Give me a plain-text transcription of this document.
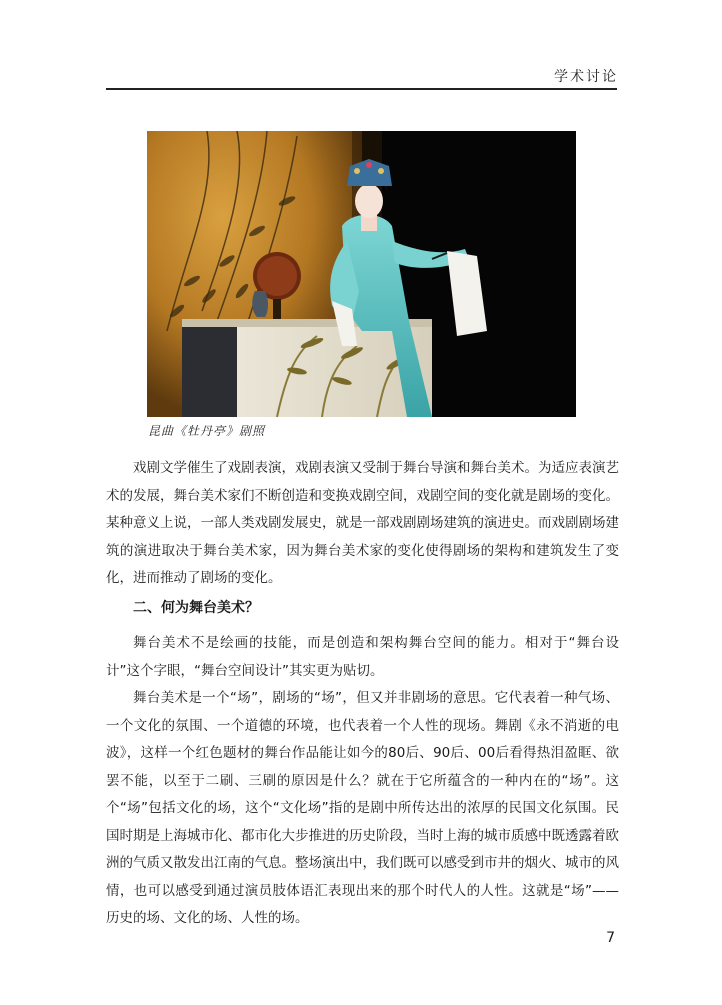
学术讨论
昆曲《牡丹亭》剧照

戏剧文学催生了戏剧表演，戏剧表演又受制于舞台导演和舞台美术。为适应表演艺术的发展，舞台美术家们不断创造和变换戏剧空间，戏剧空间的变化就是剧场的变化。某种意义上说，一部人类戏剧发展史，就是一部戏剧剧场建筑的演进史。而戏剧剧场建筑的演进取决于舞台美术家，因为舞台美术家的变化使得剧场的架构和建筑发生了变化，进而推动了剧场的变化。

二、何为舞台美术？

舞台美术不是绘画的技能，而是创造和架构舞台空间的能力。相对于“舞台设计”这个字眼，“舞台空间设计”其实更为贴切。

舞台美术是一个“场”，剧场的“场”，但又并非剧场的意思。它代表着一种气场、一个文化的氛围、一个道德的环境，也代表着一个人性的现场。舞剧《永不消逝的电波》，这样一个红色题材的舞台作品能让如今的80后、90后、00后看得热泪盈眶、欲罢不能，以至于二刷、三刷的原因是什么？就在于它所蕴含的一种内在的“场”。这个“场”包括文化的场，这个“文化场”指的是剧中所传达出的浓厚的民国文化氛围。民国时期是上海城市化、都市化大步推进的历史阶段，当时上海的城市质感中既透露着欧洲的气质又散发出江南的气息。整场演出中，我们既可以感受到市井的烟火、城市的风情，也可以感受到通过演员肢体语汇表现出来的那个时代人的人性。这就是“场”——历史的场、文化的场、人性的场。

7
